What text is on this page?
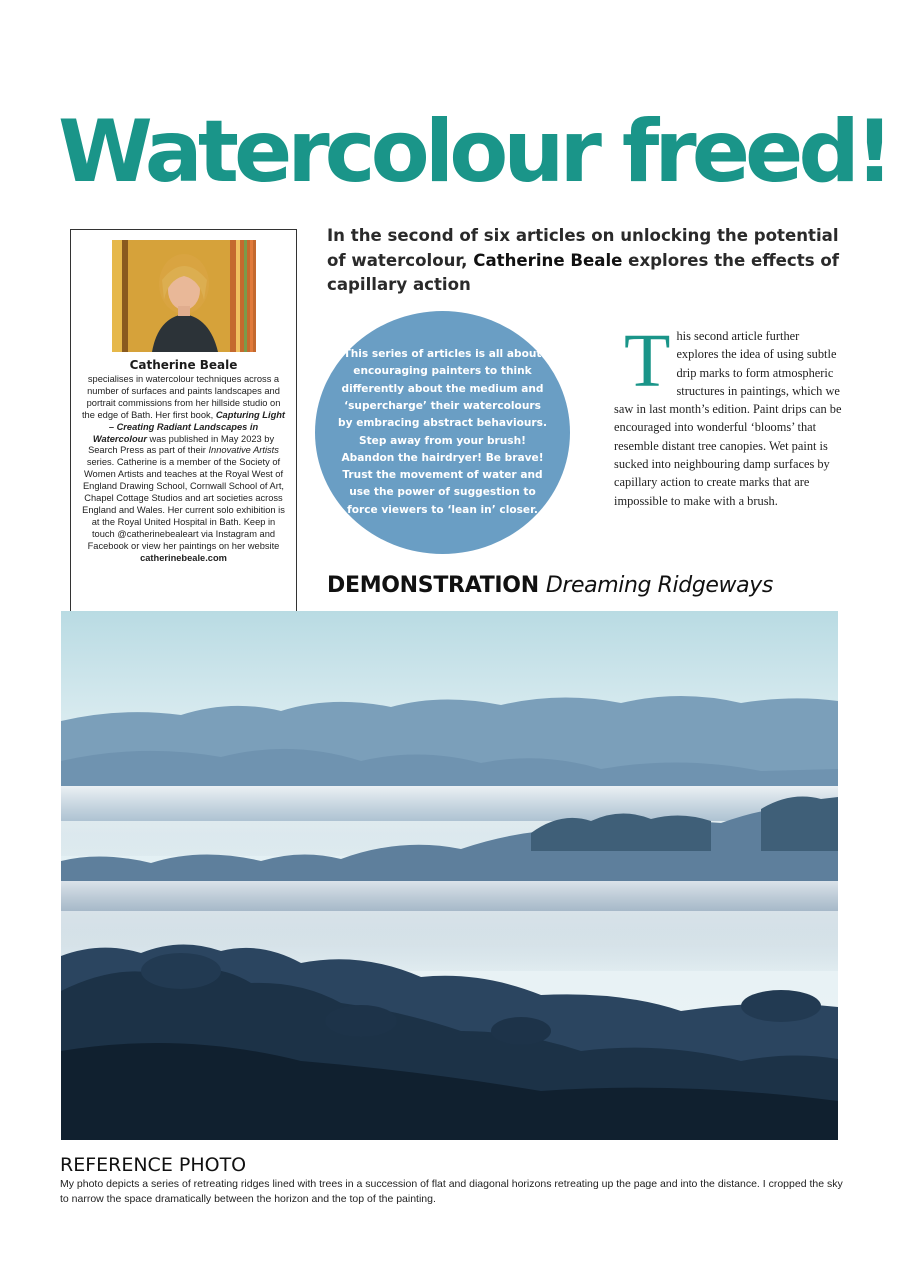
Watercolour freed!
Catherine Beale
specialises in watercolour techniques across a number of surfaces and paints landscapes and portrait commissions from her hillside studio on the edge of Bath. Her first book, Capturing Light – Creating Radiant Landscapes in Watercolour was published in May 2023 by Search Press as part of their Innovative Artists series. Catherine is a member of the Society of Women Artists and teaches at the Royal West of England Drawing School, Cornwall School of Art, Chapel Cottage Studios and art societies across England and Wales. Her current solo exhibition is at the Royal United Hospital in Bath. Keep in touch @catherinebealeart via Instagram and Facebook or view her paintings on her website catherinebeale.com
In the second of six articles on unlocking the potential of watercolour, Catherine Beale explores the effects of capillary action
This series of articles is all about encouraging painters to think differently about the medium and ‘supercharge’ their watercolours by embracing abstract behaviours. Step away from your brush! Abandon the hairdryer! Be brave! Trust the movement of water and use the power of suggestion to force viewers to ‘lean in’ closer.
This second article further explores the idea of using subtle drip marks to form atmospheric structures in paintings, which we saw in last month’s edition. Paint drips can be encouraged into wonderful ‘blooms’ that resemble distant tree canopies. Wet paint is sucked into neighbouring damp surfaces by capillary action to create marks that are impossible to make with a brush.
DEMONSTRATION Dreaming Ridgeways
REFERENCE PHOTO
My photo depicts a series of retreating ridges lined with trees in a succession of flat and diagonal horizons retreating up the page and into the distance. I cropped the sky to narrow the space dramatically between the horizon and the top of the painting.
